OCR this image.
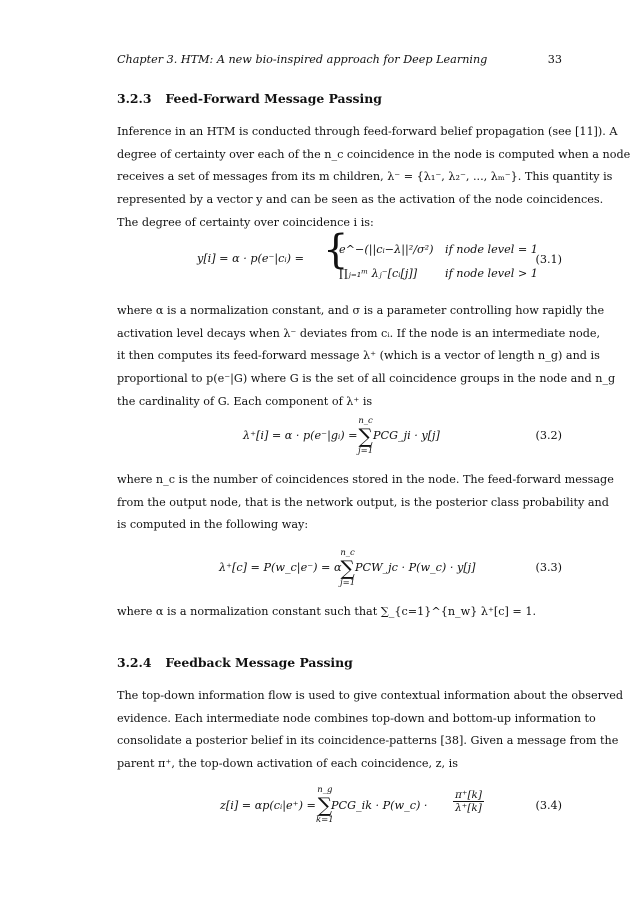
Chapter 3. HTM: A new bio-inspired approach for Deep Learning	33
3.2.3 Feed-Forward Message Passing
Inference in an HTM is conducted through feed-forward belief propagation (see [11]). A
degree of certainty over each of the n_c coincidence in the node is computed when a node
receives a set of messages from its m children, λ⁻ = {λ₁⁻, λ₂⁻, ..., λₘ⁻}. This quantity is
represented by a vector y and can be seen as the activation of the node coincidences.
The degree of certainty over coincidence i is:
y[i] = α · p(e⁻|cᵢ) = {
e^−(||cᵢ−λ||²/σ²)
∏ⱼ₌₁ᵐ λⱼ⁻[cᵢ[j]]
if node level = 1
if node level > 1
(3.1)
where α is a normalization constant, and σ is a parameter controlling how rapidly the
activation level decays when λ⁻ deviates from cᵢ. If the node is an intermediate node,
it then computes its feed-forward message λ⁺ (which is a vector of length n_g) and is
proportional to p(e⁻|G) where G is the set of all coincidence groups in the node and n_g
the cardinality of G. Each component of λ⁺ is
λ⁺[i] = α · p(e⁻|gᵢ) =
n_c
∑
j=1
PCG_ji · y[j]	(3.2)
where n_c is the number of coincidences stored in the node. The feed-forward message
from the output node, that is the network output, is the posterior class probability and
is computed in the following way:
λ⁺[c] = P(w_c|e⁻) = α
n_c
∑
j=1
PCW_jc · P(w_c) · y[j]	(3.3)
where α is a normalization constant such that ∑_{c=1}^{n_w} λ⁺[c] = 1.
3.2.4 Feedback Message Passing
The top-down information flow is used to give contextual information about the observed
evidence. Each intermediate node combines top-down and bottom-up information to
consolidate a posterior belief in its coincidence-patterns [38]. Given a message from the
parent π⁺, the top-down activation of each coincidence, z, is
z[i] = αp(cᵢ|e⁺) =
n_g
∑
k=1
PCG_ik · P(w_c) · $\frac{\pi^+[k]}{\lambda^+[k]}$	(3.4)
